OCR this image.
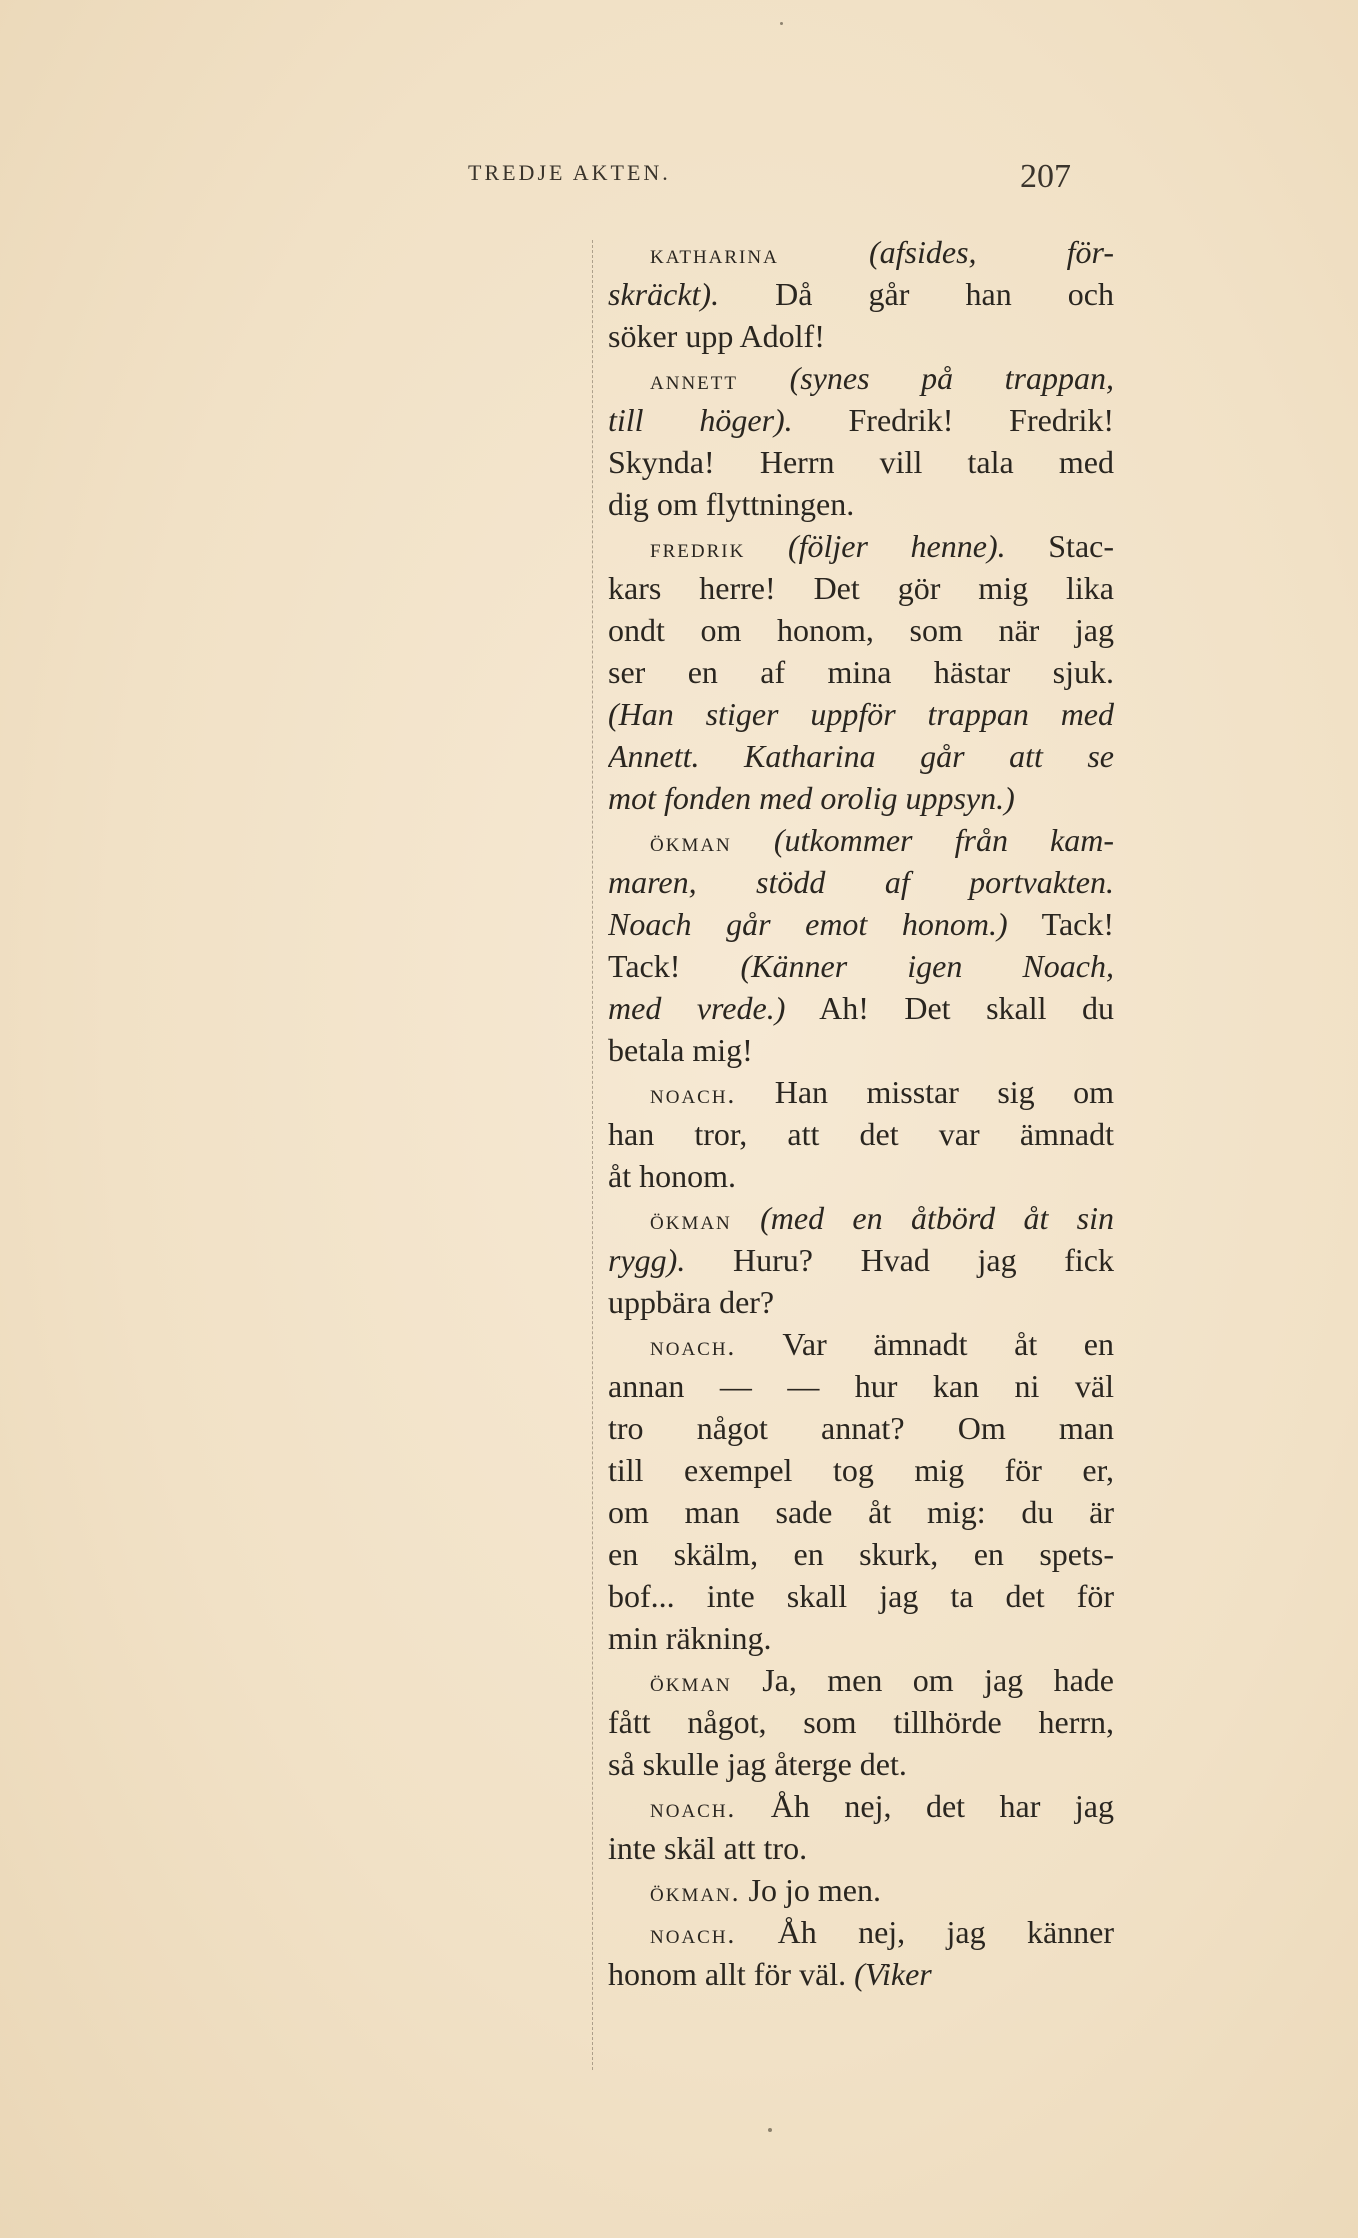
TREDJE AKTEN.	207
katharina	(afsides,	för-
skräckt). Då går han och
söker upp Adolf!
annett (synes på trappan,
till höger). Fredrik! Fredrik!
Skynda! Herrn vill tala med
dig om flyttningen.
fredrik (följer henne). Stac-
kars herre! Det gör mig lika
ondt om honom, som när jag
ser en af mina hästar sjuk.
(Han stiger uppför trappan med
Annett. Katharina går att se
mot fonden med orolig uppsyn.)
ökman (utkommer från kam-
maren, stödd af portvakten.
Noach går emot honom.) Tack!
Tack! (Känner igen Noach,
med vrede.) Ah! Det skall du
betala mig!
noach. Han misstar sig om
han tror, att det var ämnadt
åt honom.
ökman (med en åtbörd åt sin
rygg). Huru? Hvad jag fick
uppbära der?
noach. Var ämnadt åt en
annan — — hur kan ni väl
tro något annat? Om man
till exempel tog mig för er,
om man sade åt mig: du är
en skälm, en skurk, en spets-
bof... inte skall jag ta det för
min räkning.
ökman Ja, men om jag hade
fått något, som tillhörde herrn,
så skulle jag återge det.
noach. Åh nej, det har jag
inte skäl att tro.
ökman. Jo jo men.
noach. Åh nej, jag känner
honom allt för väl. (Viker
